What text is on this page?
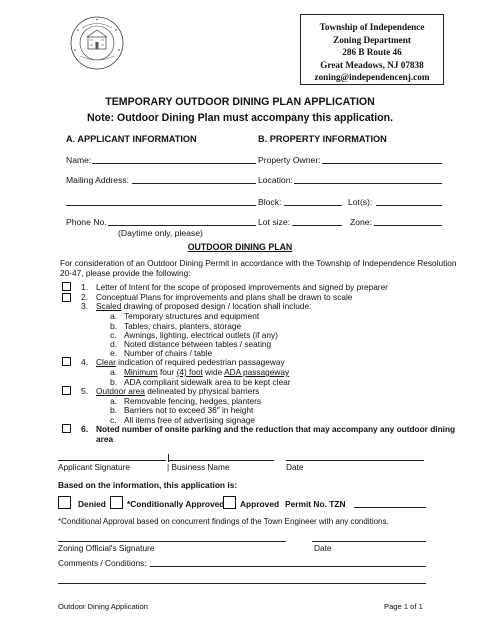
Township of Independence
Zoning Department
286 B Route 46
Great Meadows, NJ 07838
zoning@independencenj.com
TEMPORARY OUTDOOR DINING PLAN APPLICATION
Note: Outdoor Dining Plan must accompany this application.
A. APPLICANT INFORMATION	B. PROPERTY INFORMATION
Name:	Property Owner:
Mailing Address:	Location:
Block:	Lot(s):
Phone No.	Lot size:	Zone:
(Daytime only, please)
OUTDOOR DINING PLAN
For consideration of an Outdoor Dining Permit in accordance with the Township of Independence Resolution
20-47, please provide the following:
1. Letter of Intent for the scope of proposed improvements and signed by preparer
2. Conceptual Plans for improvements and plans shall be drawn to scale
3. Scaled drawing of proposed design / location shall include:
a. Temporary structures and equipment
b. Tables, chairs, planters, storage
c. Awnings, lighting, electrical outlets (if any)
d. Noted distance between tables / seating
e. Number of chairs / table
4. Clear indication of required pedestrian passageway
a. Minimum four (4) foot wide ADA passageway
b. ADA compliant sidewalk area to be kept clear
5. Outdoor area delineated by physical barriers
a. Removable fencing, hedges, planters
b. Barriers not to exceed 36" in height
c. All items free of advertising signage
6. Noted number of onsite parking and the reduction that may accompany any outdoor dining
area
Applicant Signature	| Business Name	Date
Based on the information, this application is:
Denied	*Conditionally Approved Approved Permit No. TZN
*Conditional Approval based on concurrent findings of the Town Engineer with any conditions.
Zoning Official's Signature	Date
Comments / Conditions:
Outdoor Dining Application	Page 1 of 1
